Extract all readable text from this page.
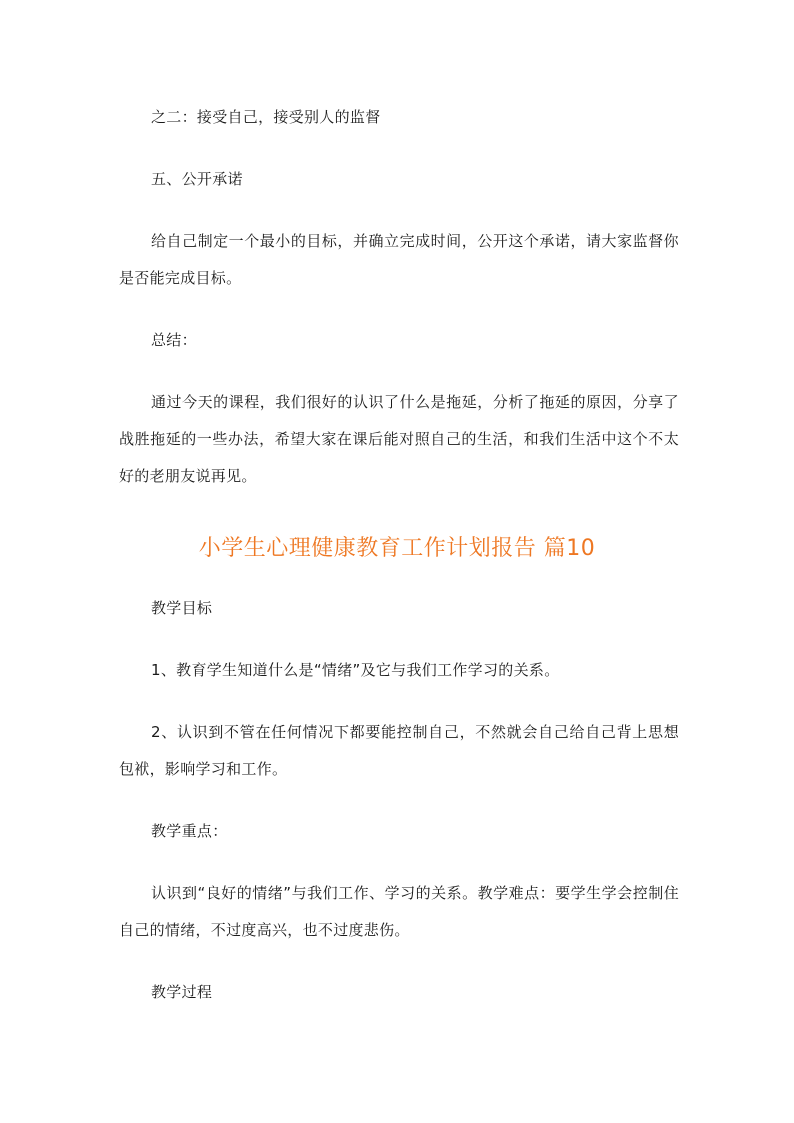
之二：接受自己，接受别人的监督

五、公开承诺

给自己制定一个最小的目标，并确立完成时间，公开这个承诺，请大家监督你是否能完成目标。

总结：

通过今天的课程，我们很好的认识了什么是拖延，分析了拖延的原因，分享了战胜拖延的一些办法，希望大家在课后能对照自己的生活，和我们生活中这个不太好的老朋友说再见。

小学生心理健康教育工作计划报告 篇10

教学目标

1、教育学生知道什么是“情绪”及它与我们工作学习的关系。

2、认识到不管在任何情况下都要能控制自己，不然就会自己给自己背上思想包袱，影响学习和工作。

教学重点：

认识到“良好的情绪”与我们工作、学习的关系。教学难点：要学生学会控制住自己的情绪，不过度高兴，也不过度悲伤。

教学过程
